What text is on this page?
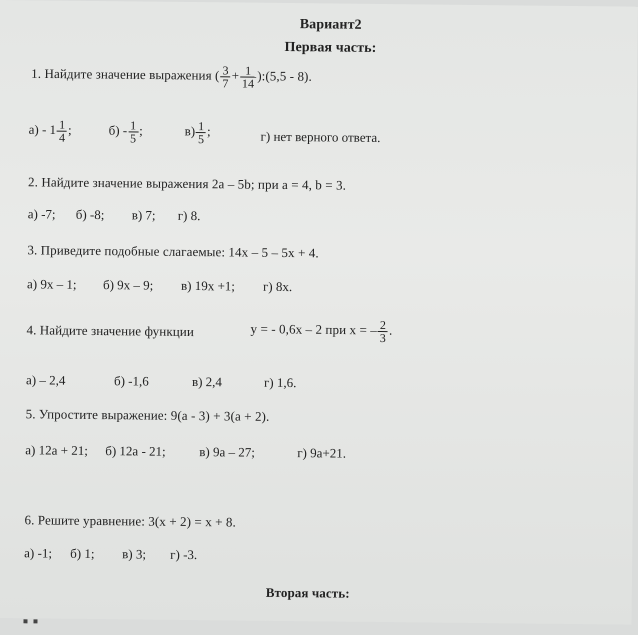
Вариант2
Первая часть:
1. Найдите значение выражения ( $\frac{3}{7} + \frac{1}{14}$ ):(5,5 - 8).
$а) - 1 \frac{1}{4}$ ;	$б) - \frac{1}{5}$ ;	$в) \frac{1}{5}$ ;	г) нет верного ответа.
2. Найдите значение выражения 2a – 5b; при a = 4, b = 3.
а) -7; б) -8; в) 7; г) 8.
3. Приведите подобные слагаемые: 14x – 5 – 5x + 4.
а) 9x – 1; б) 9x – 9; в) 19x +1; г) 8x.
4. Найдите значение функции	y = - 0,6x – 2 при x = – $\frac{2}{3}$ .
а) – 2,4	б) -1,6	в) 2,4	г) 1,6.
5. Упростите выражение: 9(a - 3) + 3(a + 2).
а) 12a + 21; б) 12a - 21;	в) 9a – 27;	г) 9a+21.
6. Решите уравнение: 3(x + 2) = x + 8.
а) -1; б) 1; в) 3; г) -3.
Вторая часть:
